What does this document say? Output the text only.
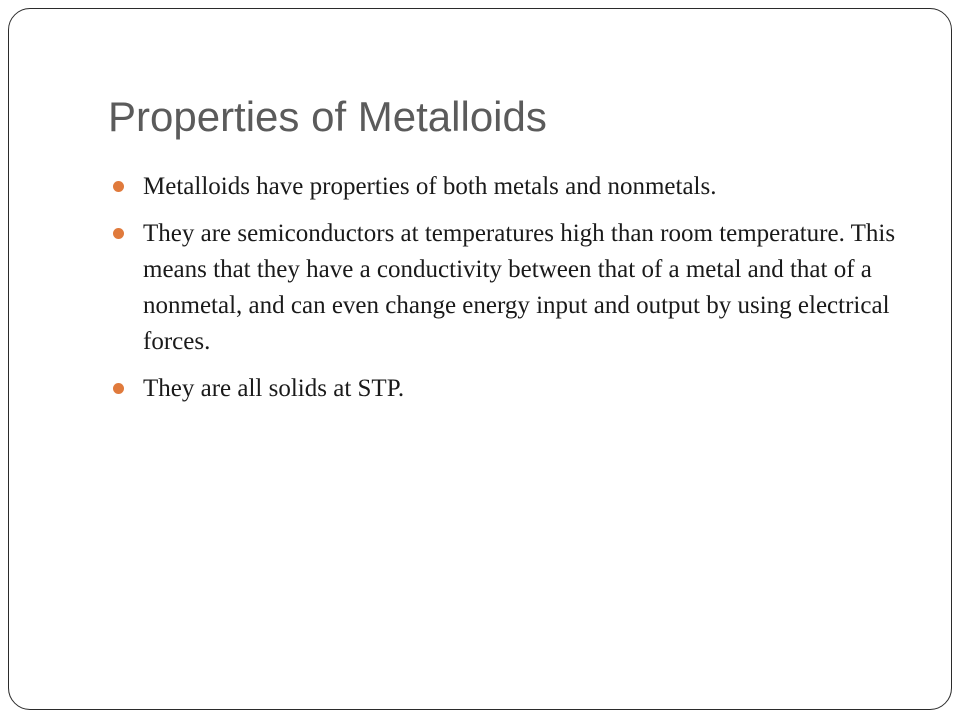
Properties of Metalloids
Metalloids have properties of both metals and nonmetals.
They are semiconductors at temperatures high than room temperature. This means that they have a conductivity between that of a metal and that of a nonmetal, and can even change energy input and output by using electrical forces.
They are all solids at STP.
